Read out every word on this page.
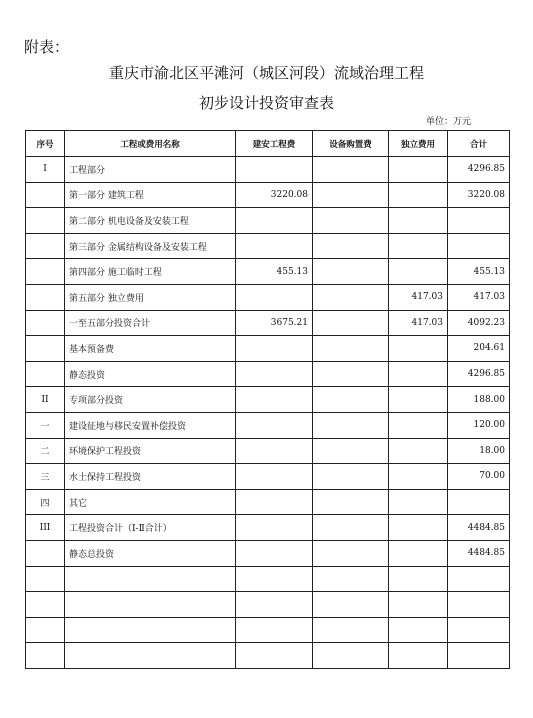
附表：
重庆市渝北区平滩河（城区河段）流域治理工程
初步设计投资审查表
单位：万元
序号	工程或费用名称	建安工程费	设备购置费	独立费用	合计
I	工程部分				4296.85
	第一部分 建筑工程	3220.08			3220.08
	第二部分 机电设备及安装工程				
	第三部分 金属结构设备及安装工程				
	第四部分 施工临时工程	455.13			455.13
	第五部分 独立费用			417.03	417.03
	一至五部分投资合计	3675.21		417.03	4092.23
	基本预备费				204.61
	静态投资				4296.85
II	专项部分投资				188.00
一	建设征地与移民安置补偿投资				120.00
二	环境保护工程投资				18.00
三	水土保持工程投资				70.00
四	其它				
III	工程投资合计（Ⅰ-Ⅱ合计）				4484.85
	静态总投资				4484.85
